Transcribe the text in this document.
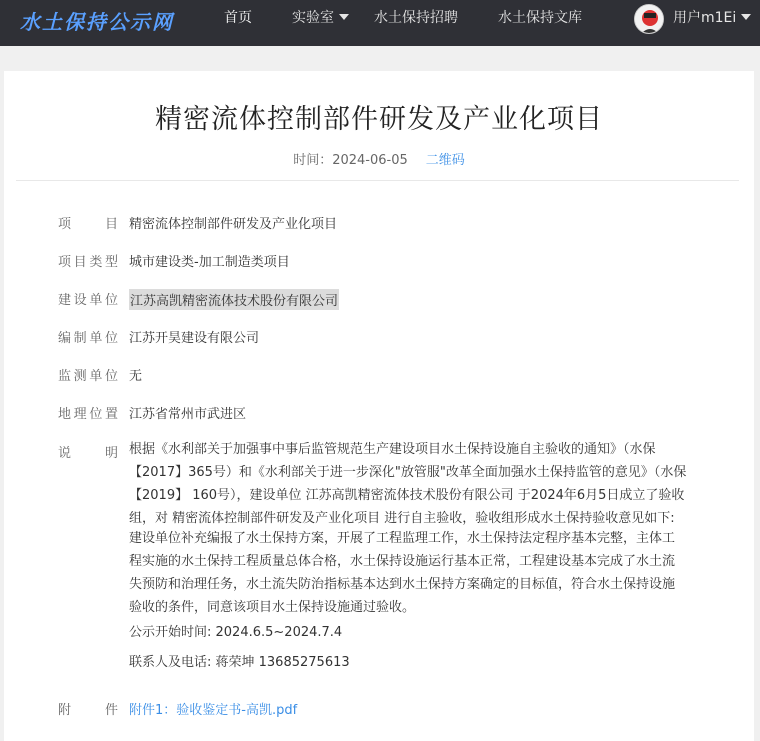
水土保持公示网	首页	实验室	水土保持招聘	水土保持文库	用户m1Ei
精密流体控制部件研发及产业化项目
时间：2024-06-05 二维码
项目 精密流体控制部件研发及产业化项目
项目类型 城市建设类-加工制造类项目
建设单位 江苏高凯精密流体技术股份有限公司
编制单位 江苏开昊建设有限公司
监测单位 无
地理位置 江苏省常州市武进区
说明 根据《水利部关于加强事中事后监管规范生产建设项目水土保持设施自主验收的通知》（水保
【2017】365号）和《水利部关于进一步深化"放管服"改革全面加强水土保持监管的意见》（水保
【2019】 160号），建设单位 江苏高凯精密流体技术股份有限公司 于2024年6月5日成立了验收
组，对 精密流体控制部件研发及产业化项目 进行自主验收，验收组形成水土保持验收意见如下:
建设单位补充编报了水土保持方案，开展了工程监理工作，水土保持法定程序基本完整，主体工
程实施的水土保持工程质量总体合格，水土保持设施运行基本正常，工程建设基本完成了水土流
失预防和治理任务，水土流失防治指标基本达到水土保持方案确定的目标值，符合水土保持设施
验收的条件，同意该项目水土保持设施通过验收。
公示开始时间: 2024.6.5~2024.7.4
联系人及电话: 蒋荣坤 13685275613
附件 附件1：验收鉴定书-高凯.pdf
